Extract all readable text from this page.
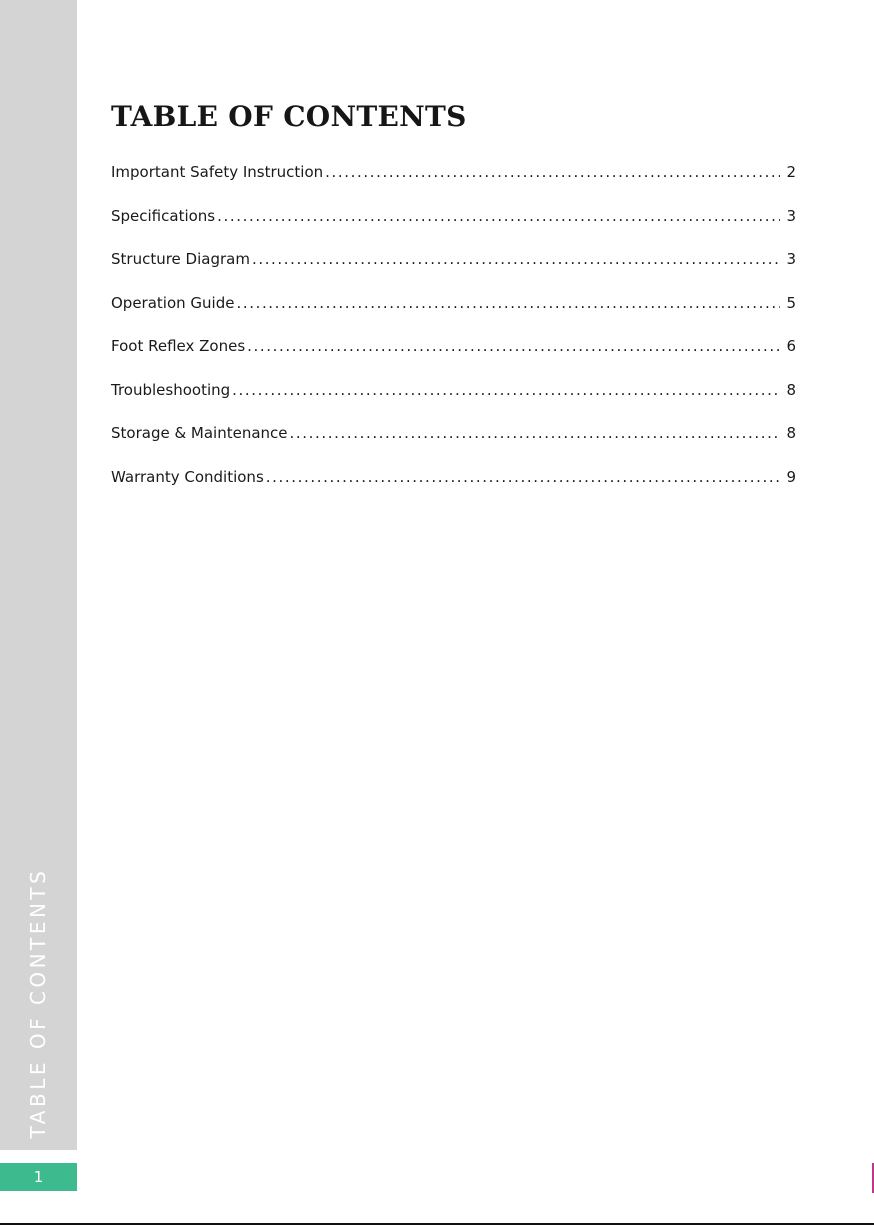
TABLE OF CONTENTS
1
TABLE OF CONTENTS
Important Safety Instruction .....	2
Specifications .....	3
Structure Diagram .....	3
Operation Guide .....	5
Foot Reflex Zones .....	6
Troubleshooting .....	8
Storage & Maintenance .....	8
Warranty Conditions .....	9
